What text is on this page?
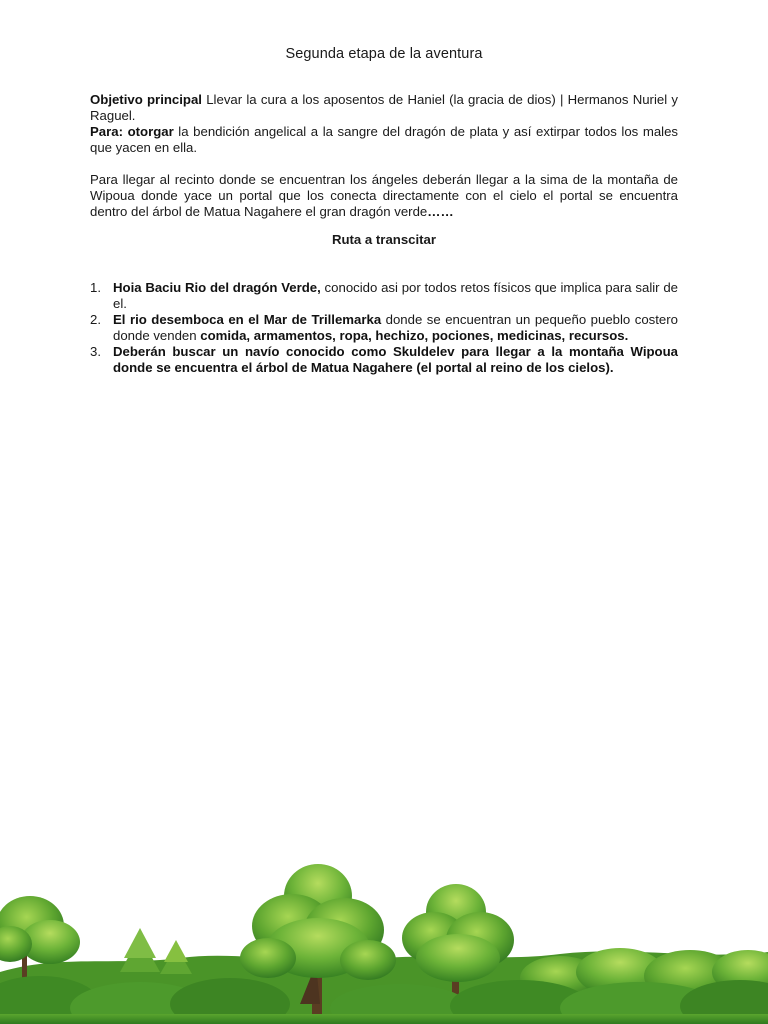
Segunda etapa de la aventura

Objetivo principal Llevar la cura a los aposentos de Haniel (la gracia de dios) | Hermanos Nuriel y Raguel.

Para: otorgar la bendición angelical a la sangre del dragón de plata y así extirpar todos los males que yacen en ella.

Para llegar al recinto donde se encuentran los ángeles deberán llegar a la sima de la montaña de Wipoua donde yace un portal que los conecta directamente con el cielo el portal se encuentra dentro del árbol de Matua Nagahere el gran dragón verde……

Ruta a transcitar

1. Hoia Baciu Rio del dragón Verde, conocido asi por todos retos físicos que implica para salir de el.
2. El rio desemboca en el Mar de Trillemarka donde se encuentran un pequeño pueblo costero donde venden comida, armamentos, ropa, hechizo, pociones, medicinas, recursos.
3. Deberán buscar un navío conocido como Skuldelev para llegar a la montaña Wipoua donde se encuentra el árbol de Matua Nagahere (el portal al reino de los cielos).
